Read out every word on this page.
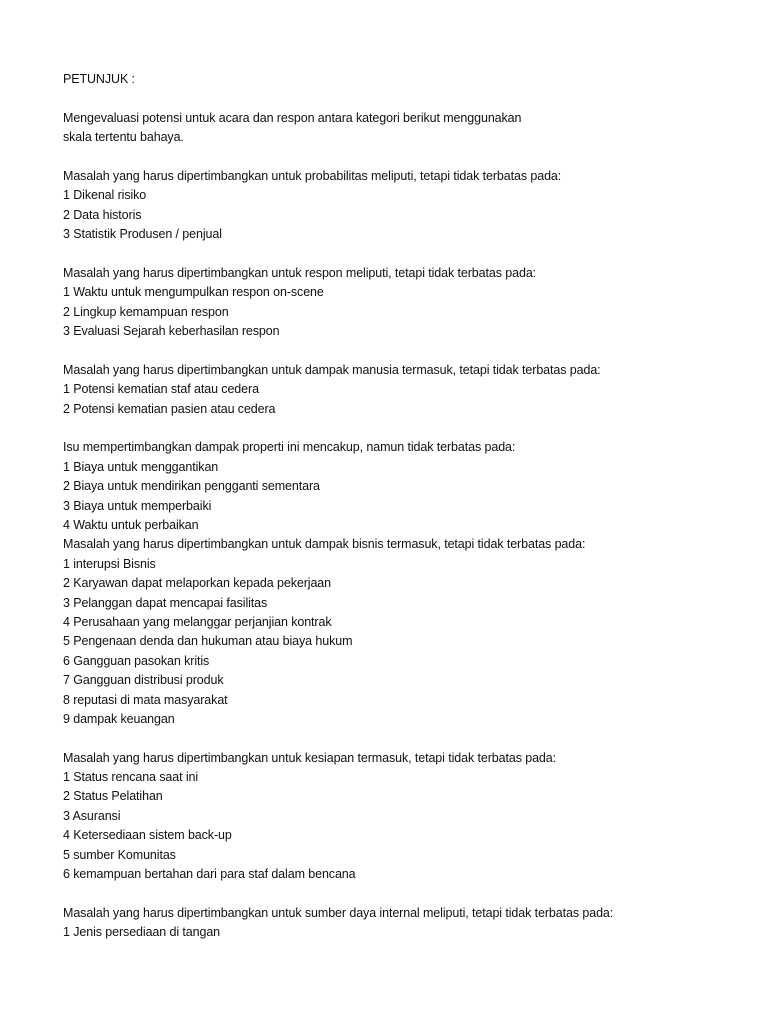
PETUNJUK :
Mengevaluasi potensi untuk acara dan respon antara kategori berikut menggunakan
skala tertentu bahaya.
Masalah yang harus dipertimbangkan untuk probabilitas meliputi, tetapi tidak terbatas pada:
1 Dikenal risiko
2 Data historis
3 Statistik Produsen / penjual
Masalah yang harus dipertimbangkan untuk respon meliputi, tetapi tidak terbatas pada:
1 Waktu untuk mengumpulkan respon on-scene
2 Lingkup kemampuan respon
3 Evaluasi Sejarah keberhasilan respon
Masalah yang harus dipertimbangkan untuk dampak manusia termasuk, tetapi tidak terbatas pada:
1 Potensi kematian staf atau cedera
2 Potensi kematian pasien atau cedera
Isu mempertimbangkan dampak properti ini mencakup, namun tidak terbatas pada:
1 Biaya untuk menggantikan
2 Biaya untuk mendirikan pengganti sementara
3 Biaya untuk memperbaiki
4 Waktu untuk perbaikan
Masalah yang harus dipertimbangkan untuk dampak bisnis termasuk, tetapi tidak terbatas pada:
1 interupsi Bisnis
2 Karyawan dapat melaporkan kepada pekerjaan
3 Pelanggan dapat mencapai fasilitas
4 Perusahaan yang melanggar perjanjian kontrak
5 Pengenaan denda dan hukuman atau biaya hukum
6 Gangguan pasokan kritis
7 Gangguan distribusi produk
8 reputasi di mata masyarakat
9 dampak keuangan
Masalah yang harus dipertimbangkan untuk kesiapan termasuk, tetapi tidak terbatas pada:
1 Status rencana saat ini
2 Status Pelatihan
3 Asuransi
4 Ketersediaan sistem back-up
5 sumber Komunitas
6 kemampuan bertahan dari para staf dalam bencana
Masalah yang harus dipertimbangkan untuk sumber daya internal meliputi, tetapi tidak terbatas pada:
1 Jenis persediaan di tangan
